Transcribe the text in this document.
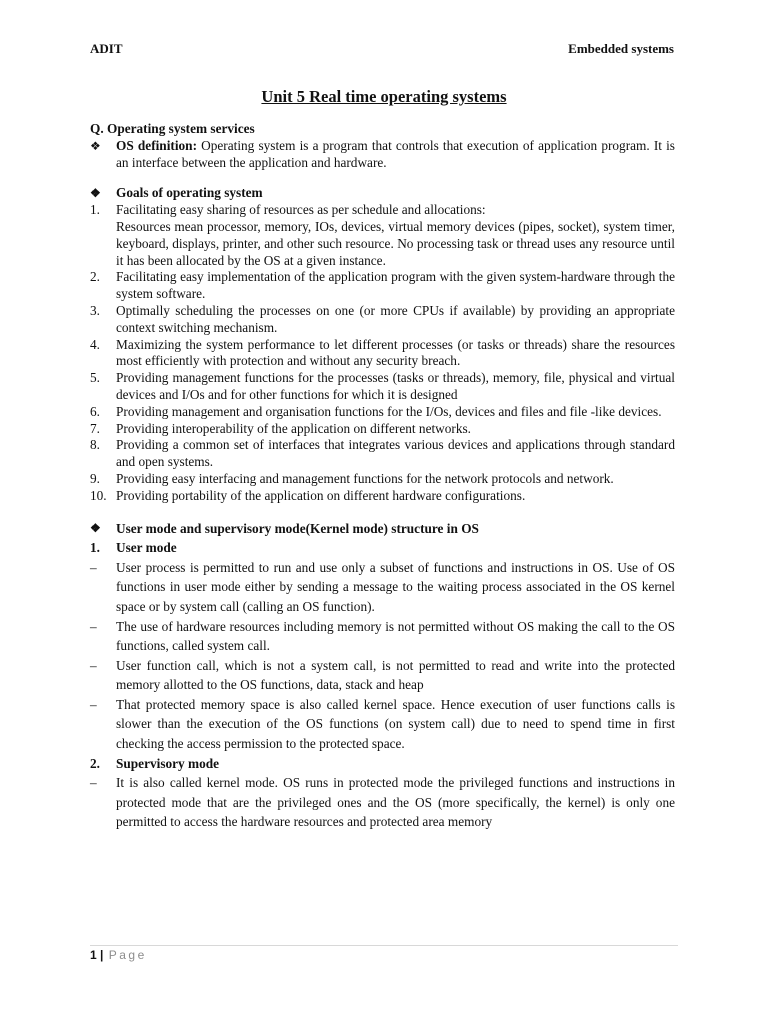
ADIT	Embedded systems
Unit 5 Real time operating systems
Q. Operating system services
❖	OS definition: Operating system is a program that controls that execution of application program. It is an interface between the application and hardware.
❖	Goals of operating system
1.	Facilitating easy sharing of resources as per schedule and allocations:
Resources mean processor, memory, IOs, devices, virtual memory devices (pipes, socket), system timer, keyboard, displays, printer, and other such resource. No processing task or thread uses any resource until it has been allocated by the OS at a given instance.
2.	Facilitating easy implementation of the application program with the given system-hardware through the system software.
3.	Optimally scheduling the processes on one (or more CPUs if available) by providing an appropriate context switching mechanism.
4.	Maximizing the system performance to let different processes (or tasks or threads) share the resources most efficiently with protection and without any security breach.
5.	Providing management functions for the processes (tasks or threads), memory, file, physical and virtual devices and I/Os and for other functions for which it is designed
6.	Providing management and organisation functions for the I/Os, devices and files and file -like devices.
7.	Providing interoperability of the application on different networks.
8.	Providing a common set of interfaces that integrates various devices and applications through standard and open systems.
9.	Providing easy interfacing and management functions for the network protocols and network.
10. Providing portability of the application on different hardware configurations.
❖	User mode and supervisory mode(Kernel mode) structure in OS
1.	User mode
–	User process is permitted to run and use only a subset of functions and instructions in OS. Use of OS functions in user mode either by sending a message to the waiting process associated in the OS kernel space or by system call (calling an OS function).
–	The use of hardware resources including memory is not permitted without OS making the call to the OS functions, called system call.
–	User function call, which is not a system call, is not permitted to read and write into the protected memory allotted to the OS functions, data, stack and heap
–	That protected memory space is also called kernel space. Hence execution of user functions calls is slower than the execution of the OS functions (on system call) due to need to spend time in first checking the access permission to the protected space.
2.	Supervisory mode
–	It is also called kernel mode. OS runs in protected mode the privileged functions and instructions in protected mode that are the privileged ones and the OS (more specifically, the kernel) is only one permitted to access the hardware resources and protected area memory
1 | Page
